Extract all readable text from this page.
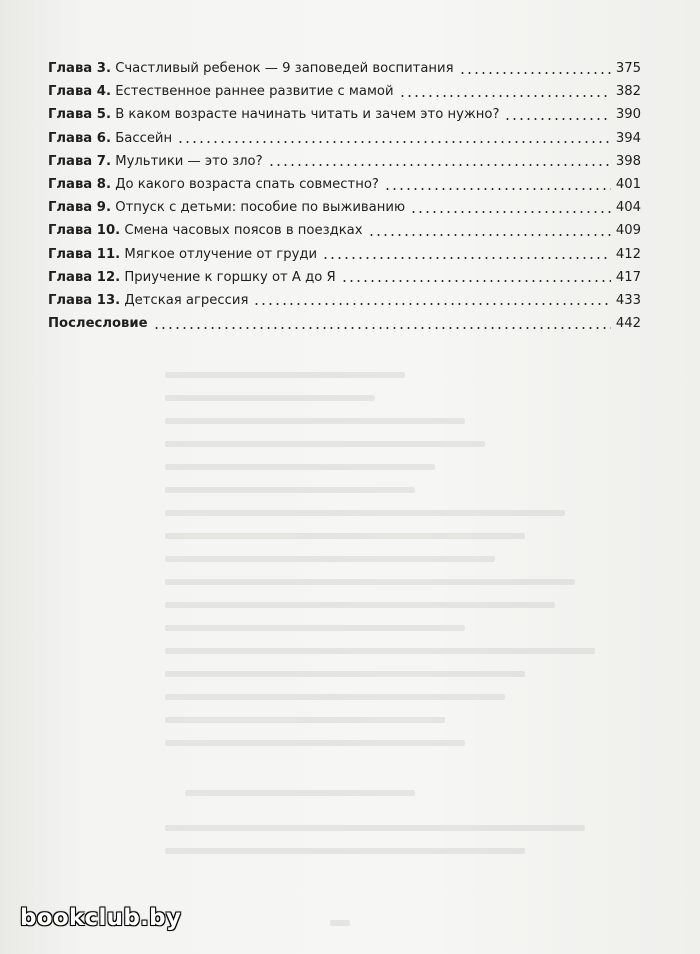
Глава 3. Счастливый ребенок — 9 заповедей воспитания	375
Глава 4. Естественное раннее развитие с мамой	382
Глава 5. В каком возрасте начинать читать и зачем это нужно?	390
Глава 6. Бассейн	394
Глава 7. Мультики — это зло?	398
Глава 8. До какого возраста спать совместно?	401
Глава 9. Отпуск с детьми: пособие по выживанию	404
Глава 10. Смена часовых поясов в поездках	409
Глава 11. Мягкое отлучение от груди	412
Глава 12. Приучение к горшку от А до Я	417
Глава 13. Детская агрессия	433
Послесловие	442
bookclub.by
